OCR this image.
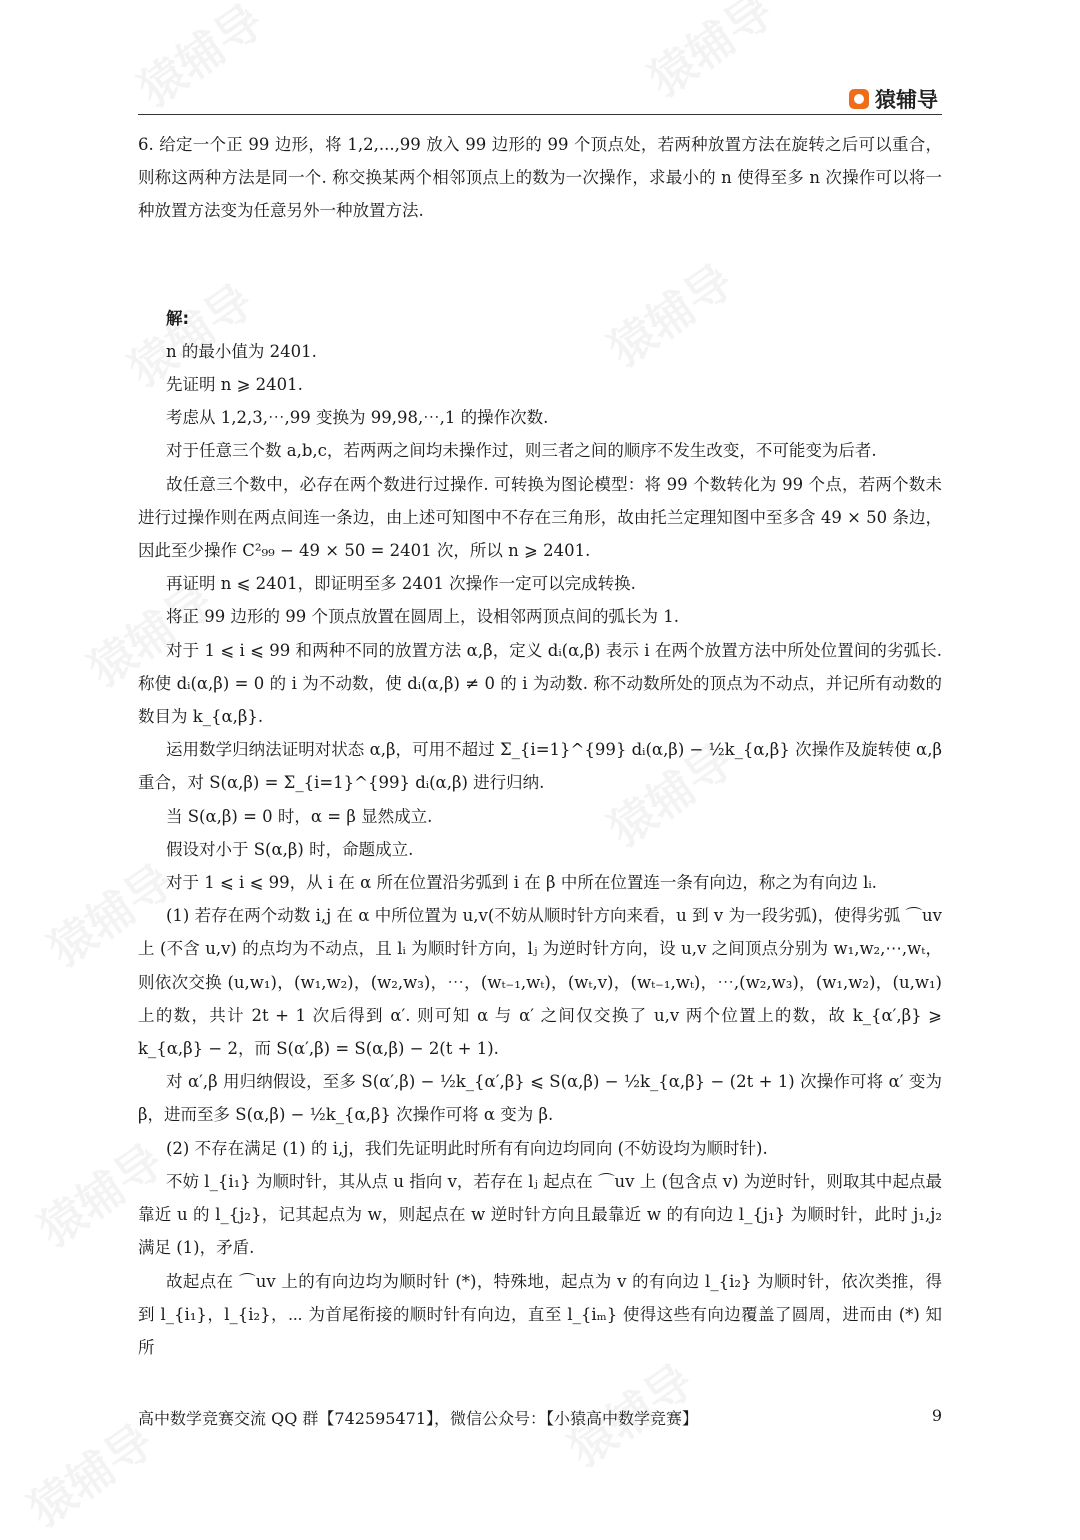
猿辅导

6. 给定一个正 99 边形，将 1,2,...,99 放入 99 边形的 99 个顶点处，若两种放置方法在旋转之后可以重合，则称这两种方法是同一个. 称交换某两个相邻顶点上的数为一次操作，求最小的 n 使得至多 n 次操作可以将一种放置方法变为任意另外一种放置方法.

解:

n 的最小值为 2401.

先证明 n ⩾ 2401.

考虑从 1,2,3,⋯,99 变换为 99,98,⋯,1 的操作次数.

对于任意三个数 a,b,c，若两两之间均未操作过，则三者之间的顺序不发生改变，不可能变为后者.

故任意三个数中，必存在两个数进行过操作. 可转换为图论模型：将 99 个数转化为 99 个点，若两个数未进行过操作则在两点间连一条边，由上述可知图中不存在三角形，故由托兰定理知图中至多含 49 × 50 条边，因此至少操作 C²₉₉ − 49 × 50 = 2401 次，所以 n ⩾ 2401.

再证明 n ⩽ 2401，即证明至多 2401 次操作一定可以完成转换.

将正 99 边形的 99 个顶点放置在圆周上，设相邻两顶点间的弧长为 1.

对于 1 ⩽ i ⩽ 99 和两种不同的放置方法 α,β，定义 dᵢ(α,β) 表示 i 在两个放置方法中所处位置间的劣弧长. 称使 dᵢ(α,β) = 0 的 i 为不动数，使 dᵢ(α,β) ≠ 0 的 i 为动数. 称不动数所处的顶点为不动点，并记所有动数的数目为 k_{α,β}.

运用数学归纳法证明对状态 α,β，可用不超过 Σ_{i=1}^{99} dᵢ(α,β) − ½k_{α,β} 次操作及旋转使 α,β 重合，对 S(α,β) = Σ_{i=1}^{99} dᵢ(α,β) 进行归纳.

当 S(α,β) = 0 时，α = β 显然成立.

假设对小于 S(α,β) 时，命题成立.

对于 1 ⩽ i ⩽ 99，从 i 在 α 所在位置沿劣弧到 i 在 β 中所在位置连一条有向边，称之为有向边 lᵢ.

(1) 若存在两个动数 i,j 在 α 中所位置为 u,v(不妨从顺时针方向来看，u 到 v 为一段劣弧)，使得劣弧 ⌒uv 上 (不含 u,v) 的点均为不动点，且 lᵢ 为顺时针方向，lⱼ 为逆时针方向，设 u,v 之间顶点分别为 w₁,w₂,⋯,wₜ，则依次交换 (u,w₁)，(w₁,w₂)，(w₂,w₃)，⋯，(wₜ₋₁,wₜ)，(wₜ,v)，(wₜ₋₁,wₜ)，⋯,(w₂,w₃)，(w₁,w₂)，(u,w₁) 上的数，共计 2t + 1 次后得到 α′. 则可知 α 与 α′ 之间仅交换了 u,v 两个位置上的数，故 k_{α′,β} ⩾ k_{α,β} − 2，而 S(α′,β) = S(α,β) − 2(t + 1).

对 α′,β 用归纳假设，至多 S(α′,β) − ½k_{α′,β} ⩽ S(α,β) − ½k_{α,β} − (2t + 1) 次操作可将 α′ 变为 β，进而至多 S(α,β) − ½k_{α,β} 次操作可将 α 变为 β.

(2) 不存在满足 (1) 的 i,j，我们先证明此时所有有向边均同向 (不妨设均为顺时针).

不妨 l_{i₁} 为顺时针，其从点 u 指向 v，若存在 lⱼ 起点在 ⌒uv 上 (包含点 v) 为逆时针，则取其中起点最靠近 u 的 l_{j₂}，记其起点为 w，则起点在 w 逆时针方向且最靠近 w 的有向边 l_{j₁} 为顺时针，此时 j₁,j₂ 满足 (1)，矛盾.

故起点在 ⌒uv 上的有向边均为顺时针 (*)，特殊地，起点为 v 的有向边 l_{i₂} 为顺时针，依次类推，得到 l_{i₁}，l_{i₂}，⋯ 为首尾衔接的顺时针有向边，直至 l_{iₘ} 使得这些有向边覆盖了圆周，进而由 (*) 知所

高中数学竞赛交流 QQ 群【742595471】，微信公众号：【小猿高中数学竞赛】	9
